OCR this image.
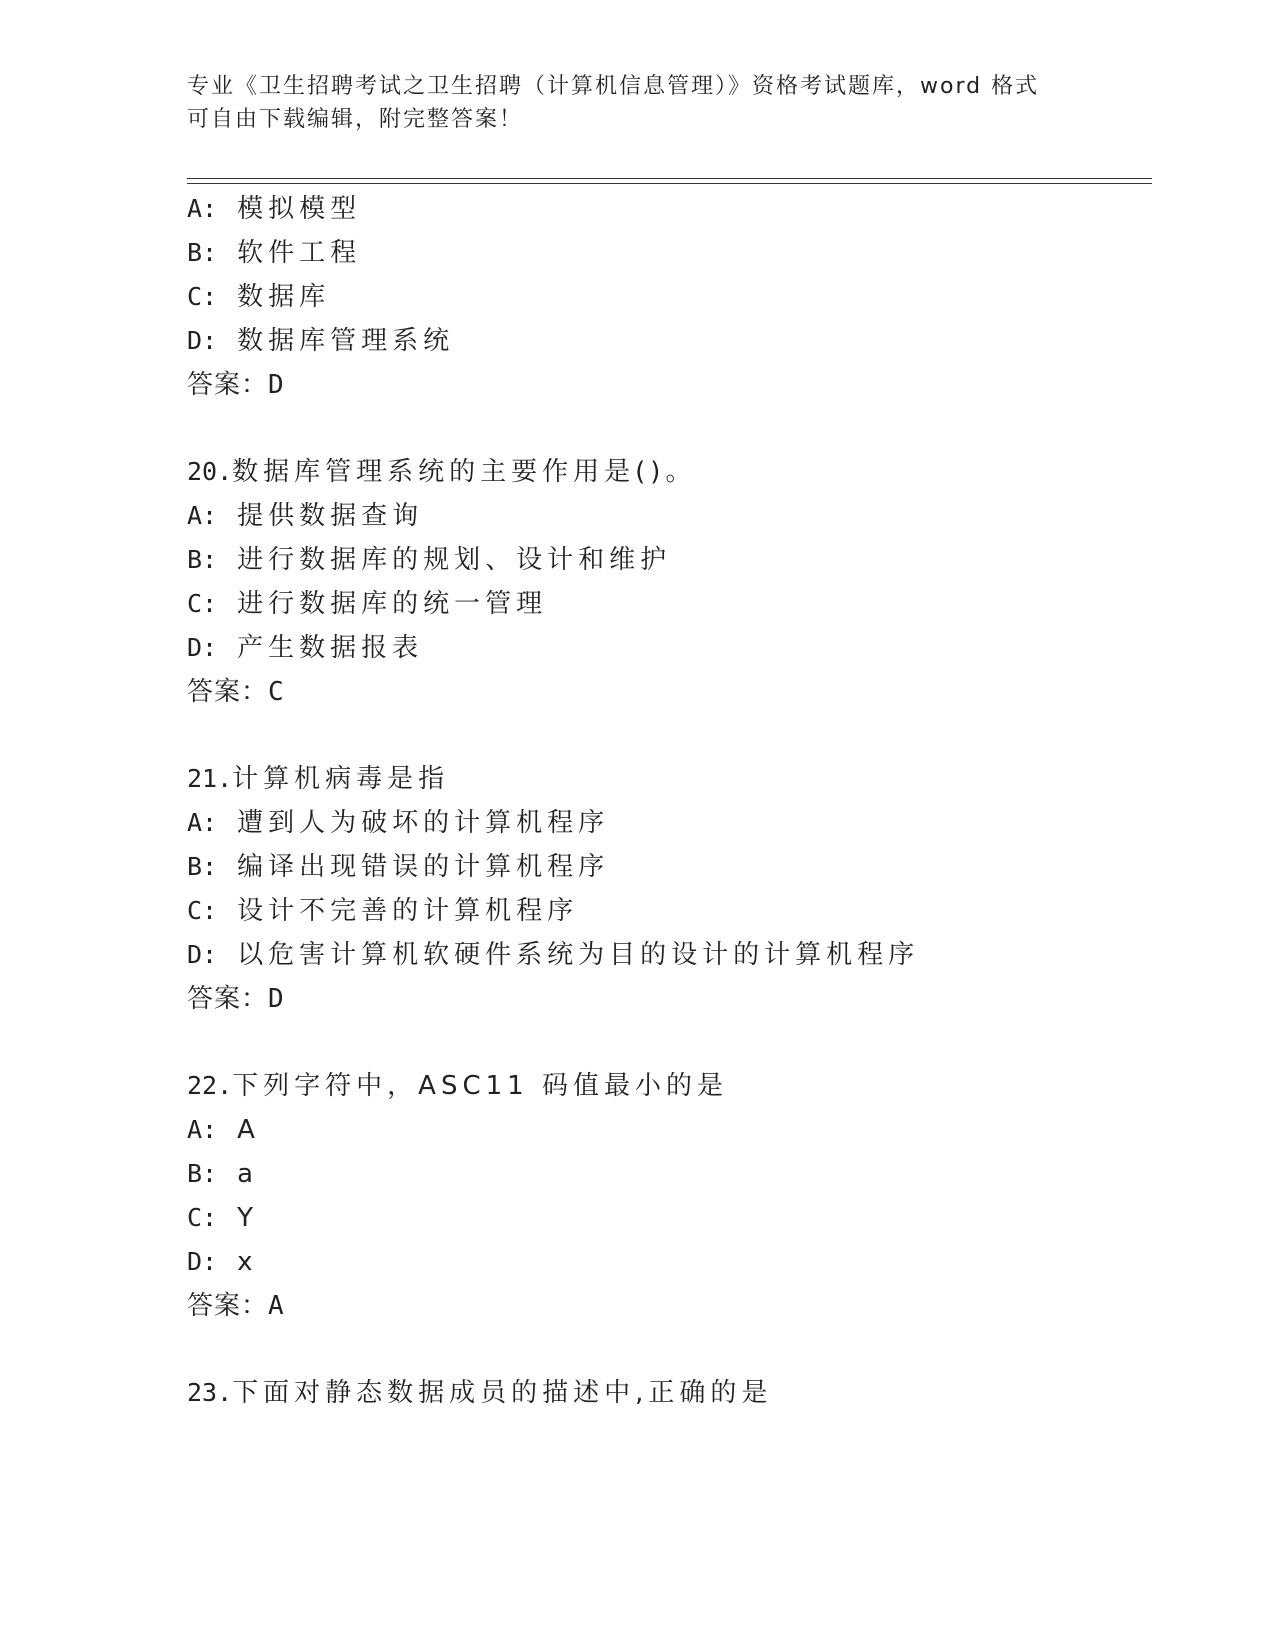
专业《卫生招聘考试之卫生招聘（计算机信息管理）》资格考试题库，word 格式
可自由下载编辑，附完整答案！
A: 模拟模型
B: 软件工程
C: 数据库
D: 数据库管理系统
答案：D
20.数据库管理系统的主要作用是()。
A: 提供数据查询
B: 进行数据库的规划、设计和维护
C: 进行数据库的统一管理
D: 产生数据报表
答案：C
21.计算机病毒是指
A: 遭到人为破坏的计算机程序
B: 编译出现错误的计算机程序
C: 设计不完善的计算机程序
D: 以危害计算机软硬件系统为目的设计的计算机程序
答案：D
22.下列字符中，ASC11 码值最小的是
A: A
B: a
C: Y
D: x
答案：A
23.下面对静态数据成员的描述中,正确的是
